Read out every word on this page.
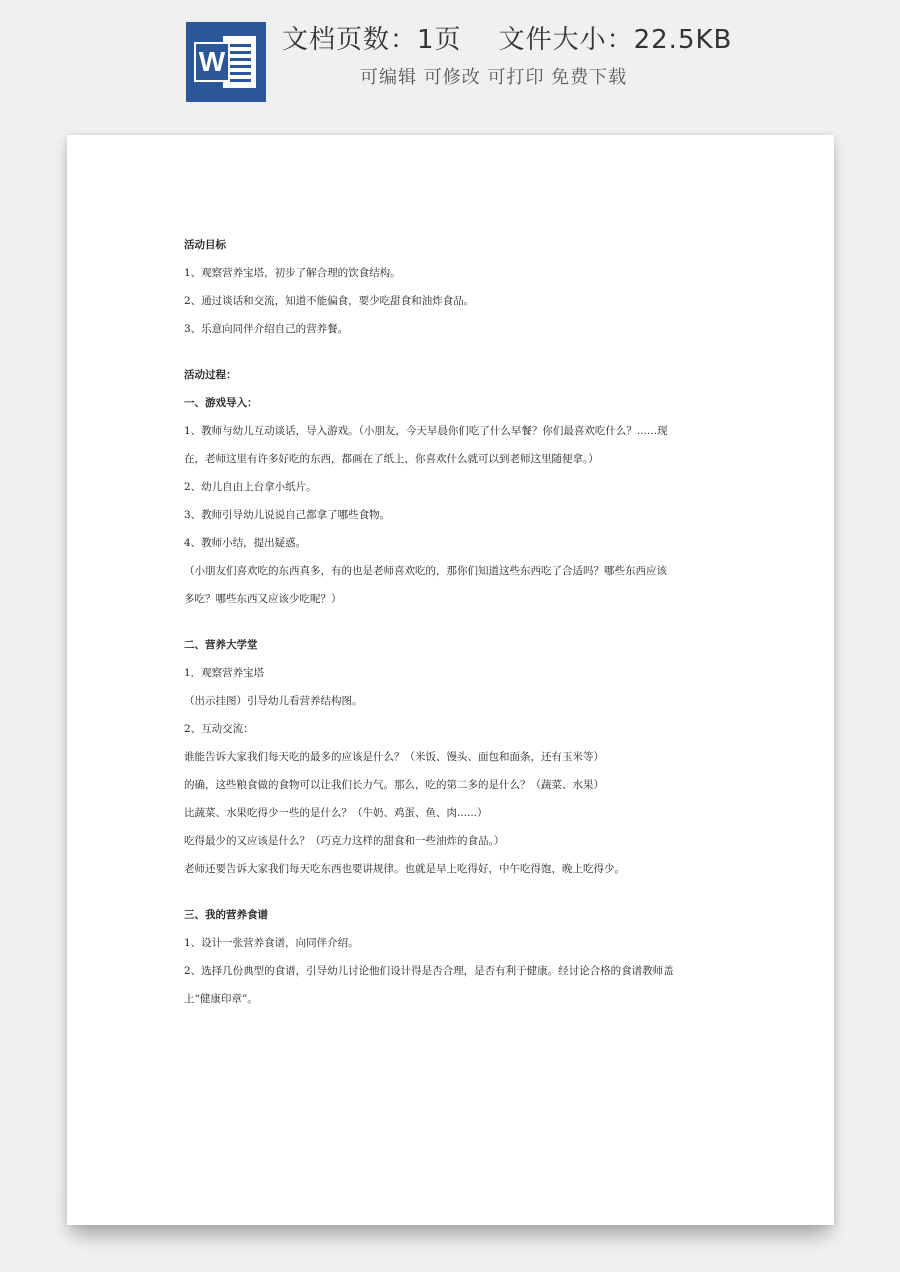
W
文档页数：1页    文件大小：22.5KB
可编辑 可修改 可打印 免费下载
活动目标
1、观察营养宝塔，初步了解合理的饮食结构。
2、通过谈话和交流，知道不能偏食，要少吃甜食和油炸食品。
3、乐意向同伴介绍自己的营养餐。
活动过程：
一、游戏导入：
1、教师与幼儿互动谈话，导入游戏。（小朋友，今天早晨你们吃了什么早餐？你们最喜欢吃什么？......现
在，老师这里有许多好吃的东西，都画在了纸上，你喜欢什么就可以到老师这里随便拿。）
2、幼儿自由上台拿小纸片。
3、教师引导幼儿说说自己都拿了哪些食物。
4、教师小结，提出疑惑。
（小朋友们喜欢吃的东西真多，有的也是老师喜欢吃的，那你们知道这些东西吃了合适吗？哪些东西应该
多吃？哪些东西又应该少吃呢？）
二、营养大学堂
1．观察营养宝塔
（出示挂图）引导幼儿看营养结构图。
2、互动交流：
谁能告诉大家我们每天吃的最多的应该是什么？（米饭、馒头、面包和面条，还有玉米等）
的确，这些粮食做的食物可以让我们长力气。那么，吃的第二多的是什么？（蔬菜、水果）
比蔬菜、水果吃得少一些的是什么？（牛奶、鸡蛋、鱼、肉......）
吃得最少的又应该是什么？（巧克力这样的甜食和一些油炸的食品。）
老师还要告诉大家我们每天吃东西也要讲规律。也就是早上吃得好，中午吃得饱，晚上吃得少。
三、我的营养食谱
1、设计一张营养食谱，向同伴介绍。
2、选择几份典型的食谱，引导幼儿讨论他们设计得是否合理，是否有利于健康。经讨论合格的食谱教师盖
上“健康印章”。
